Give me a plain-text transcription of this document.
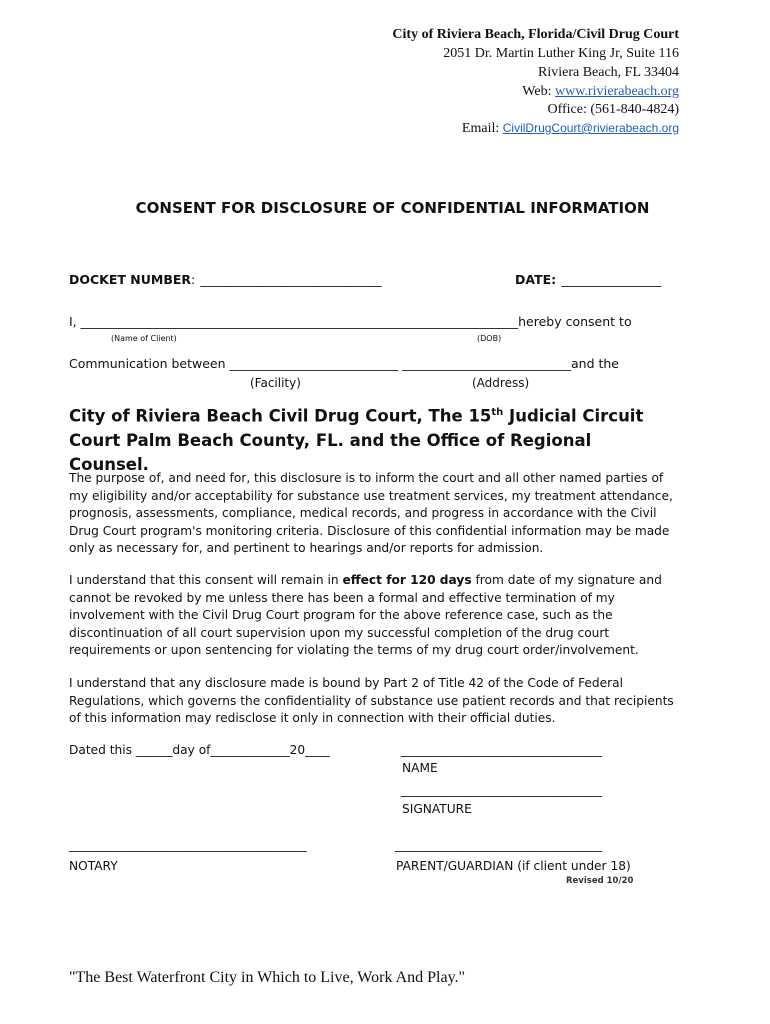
City of Riviera Beach, Florida/Civil Drug Court
2051 Dr. Martin Luther King Jr, Suite 116
Riviera Beach, FL 33404
Web: www.rivierabeach.org
Office: (561-840-4824)
Email: CivilDrugCourt@rivierabeach.org
CONSENT FOR DISCLOSURE OF CONFIDENTIAL INFORMATION
DOCKET NUMBER: _____________________________	DATE: ________________
I, ______________________________________________________________________hereby consent to
(Name of Client)	(DOB)
Communication between ___________________________ ___________________________and the
(Facility)	(Address)
City of Riviera Beach Civil Drug Court, The 15th Judicial Circuit Court Palm Beach County, FL. and the Office of Regional Counsel.
The purpose of, and need for, this disclosure is to inform the court and all other named parties of my eligibility and/or acceptability for substance use treatment services, my treatment attendance, prognosis, assessments, compliance, medical records, and progress in accordance with the Civil Drug Court program's monitoring criteria. Disclosure of this confidential information may be made only as necessary for, and pertinent to hearings and/or reports for admission.
I understand that this consent will remain in effect for 120 days from date of my signature and cannot be revoked by me unless there has been a formal and effective termination of my involvement with the Civil Drug Court program for the above reference case, such as the discontinuation of all court supervision upon my successful completion of the drug court requirements or upon sentencing for violating the terms of my drug court order/involvement.
I understand that any disclosure made is bound by Part 2 of Title 42 of the Code of Federal Regulations, which governs the confidentiality of substance use patient records and that recipients of this information may redisclose it only in connection with their official duties.
Dated this ______day of_____________20____	_________________________________
NAME
_________________________________
SIGNATURE
_______________________________________
NOTARY
__________________________________
PARENT/GUARDIAN (if client under 18)
Revised 10/20
"The Best Waterfront City in Which to Live, Work And Play."
